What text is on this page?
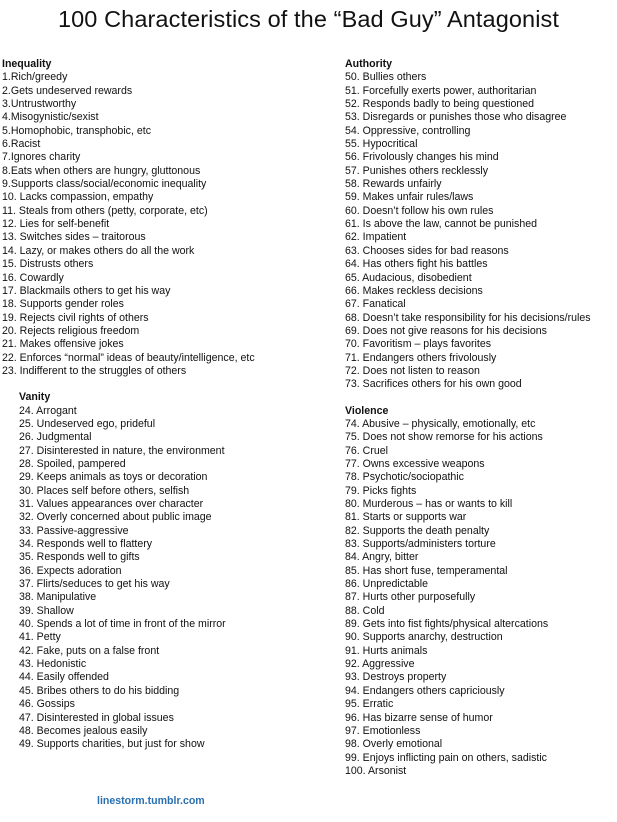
100 Characteristics of the “Bad Guy” Antagonist
Inequality
1.Rich/greedy
2.Gets undeserved rewards
3.Untrustworthy
4.Misogynistic/sexist
5.Homophobic, transphobic, etc
6.Racist
7.Ignores charity
8.Eats when others are hungry, gluttonous
9.Supports class/social/economic inequality
10. Lacks compassion, empathy
11. Steals from others (petty, corporate, etc)
12. Lies for self-benefit
13. Switches sides – traitorous
14. Lazy, or makes others do all the work
15. Distrusts others
16. Cowardly
17. Blackmails others to get his way
18. Supports gender roles
19. Rejects civil rights of others
20. Rejects religious freedom
21. Makes offensive jokes
22. Enforces “normal” ideas of beauty/intelligence, etc
23. Indifferent to the struggles of others
Vanity
24. Arrogant
25. Undeserved ego, prideful
26. Judgmental
27. Disinterested in nature, the environment
28. Spoiled, pampered
29. Keeps animals as toys or decoration
30. Places self before others, selfish
31. Values appearances over character
32. Overly concerned about public image
33. Passive-aggressive
34. Responds well to flattery
35. Responds well to gifts
36. Expects adoration
37. Flirts/seduces to get his way
38. Manipulative
39. Shallow
40. Spends a lot of time in front of the mirror
41. Petty
42. Fake, puts on a false front
43. Hedonistic
44. Easily offended
45. Bribes others to do his bidding
46. Gossips
47. Disinterested in global issues
48. Becomes jealous easily
49. Supports charities, but just for show
Authority
50. Bullies others
51. Forcefully exerts power, authoritarian
52. Responds badly to being questioned
53. Disregards or punishes those who disagree
54. Oppressive, controlling
55. Hypocritical
56. Frivolously changes his mind
57. Punishes others recklessly
58. Rewards unfairly
59. Makes unfair rules/laws
60. Doesn’t follow his own rules
61. Is above the law, cannot be punished
62. Impatient
63. Chooses sides for bad reasons
64. Has others fight his battles
65. Audacious, disobedient
66. Makes reckless decisions
67. Fanatical
68. Doesn’t take responsibility for his decisions/rules
69. Does not give reasons for his decisions
70. Favoritism – plays favorites
71. Endangers others frivolously
72. Does not listen to reason
73. Sacrifices others for his own good
Violence
74. Abusive – physically, emotionally, etc
75. Does not show remorse for his actions
76. Cruel
77. Owns excessive weapons
78. Psychotic/sociopathic
79. Picks fights
80. Murderous – has or wants to kill
81. Starts or supports war
82. Supports the death penalty
83. Supports/administers torture
84. Angry, bitter
85. Has short fuse, temperamental
86. Unpredictable
87. Hurts other purposefully
88. Cold
89. Gets into fist fights/physical altercations
90. Supports anarchy, destruction
91. Hurts animals
92. Aggressive
93. Destroys property
94. Endangers others capriciously
95. Erratic
96. Has bizarre sense of humor
97. Emotionless
98. Overly emotional
99. Enjoys inflicting pain on others, sadistic
100. Arsonist
linestorm.tumblr.com
